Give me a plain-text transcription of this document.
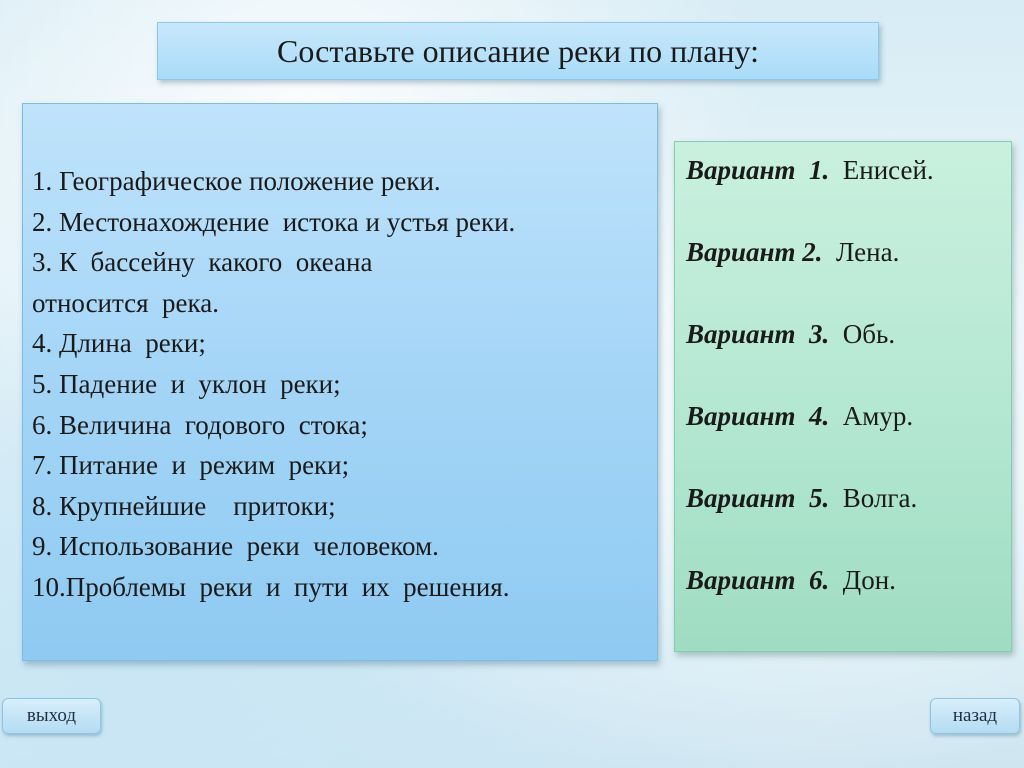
Составьте описание реки по плану:
1. Географическое положение реки.
2. Местонахождение  истока и устья реки.
3. К  бассейну  какого  океана
относится  река.
4. Длина  реки;
5. Падение  и  уклон  реки;
6. Величина  годового  стока;
7. Питание  и  режим  реки;
8. Крупнейшие    притоки;
9. Использование  реки  человеком.
10.Проблемы  реки  и  пути  их  решения.
Вариант  1.  Енисей.
Вариант 2.  Лена.
Вариант  3.  Обь.
Вариант  4.  Амур.
Вариант  5.  Волга.
Вариант  6.  Дон.
выход	назад
